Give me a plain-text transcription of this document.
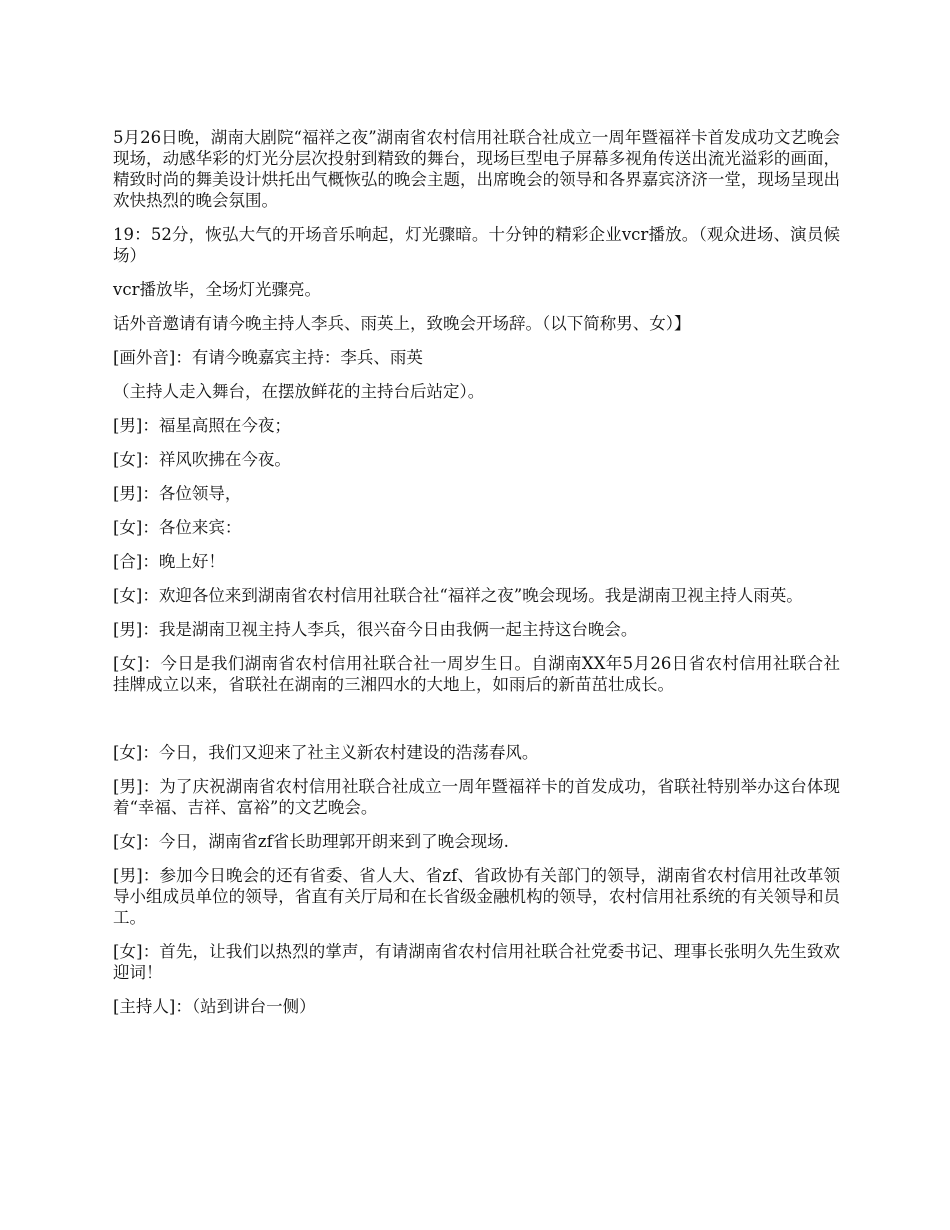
5月26日晚，湖南大剧院“福祥之夜”湖南省农村信用社联合社成立一周年暨福祥卡首发成功文艺晚会现场，动感华彩的灯光分层次投射到精致的舞台，现场巨型电子屏幕多视角传送出流光溢彩的画面，精致时尚的舞美设计烘托出气概恢弘的晚会主题，出席晚会的领导和各界嘉宾济济一堂，现场呈现出欢快热烈的晚会氛围。

19：52分，恢弘大气的开场音乐响起，灯光骤暗。十分钟的精彩企业vcr播放。（观众进场、演员候场）

vcr播放毕，全场灯光骤亮。

话外音邀请有请今晚主持人李兵、雨英上，致晚会开场辞。（以下简称男、女）】

[画外音]：有请今晚嘉宾主持：李兵、雨英

（主持人走入舞台，在摆放鲜花的主持台后站定）。

[男]：福星高照在今夜；

[女]：祥风吹拂在今夜。

[男]：各位领导，

[女]：各位来宾：

[合]：晚上好！

[女]：欢迎各位来到湖南省农村信用社联合社“福祥之夜”晚会现场。我是湖南卫视主持人雨英。

[男]：我是湖南卫视主持人李兵，很兴奋今日由我俩一起主持这台晚会。

[女]：今日是我们湖南省农村信用社联合社一周岁生日。自湖南XX年5月26日省农村信用社联合社挂牌成立以来，省联社在湖南的三湘四水的大地上，如雨后的新苗茁壮成长。

[女]：今日，我们又迎来了社主义新农村建设的浩荡春风。

[男]：为了庆祝湖南省农村信用社联合社成立一周年暨福祥卡的首发成功，省联社特别举办这台体现着“幸福、吉祥、富裕”的文艺晚会。

[女]：今日，湖南省zf省长助理郭开朗来到了晚会现场.

[男]：参加今日晚会的还有省委、省人大、省zf、省政协有关部门的领导，湖南省农村信用社改革领导小组成员单位的领导，省直有关厅局和在长省级金融机构的领导，农村信用社系统的有关领导和员工。

[女]：首先，让我们以热烈的掌声，有请湖南省农村信用社联合社党委书记、理事长张明久先生致欢迎词！

[主持人]：（站到讲台一侧）
